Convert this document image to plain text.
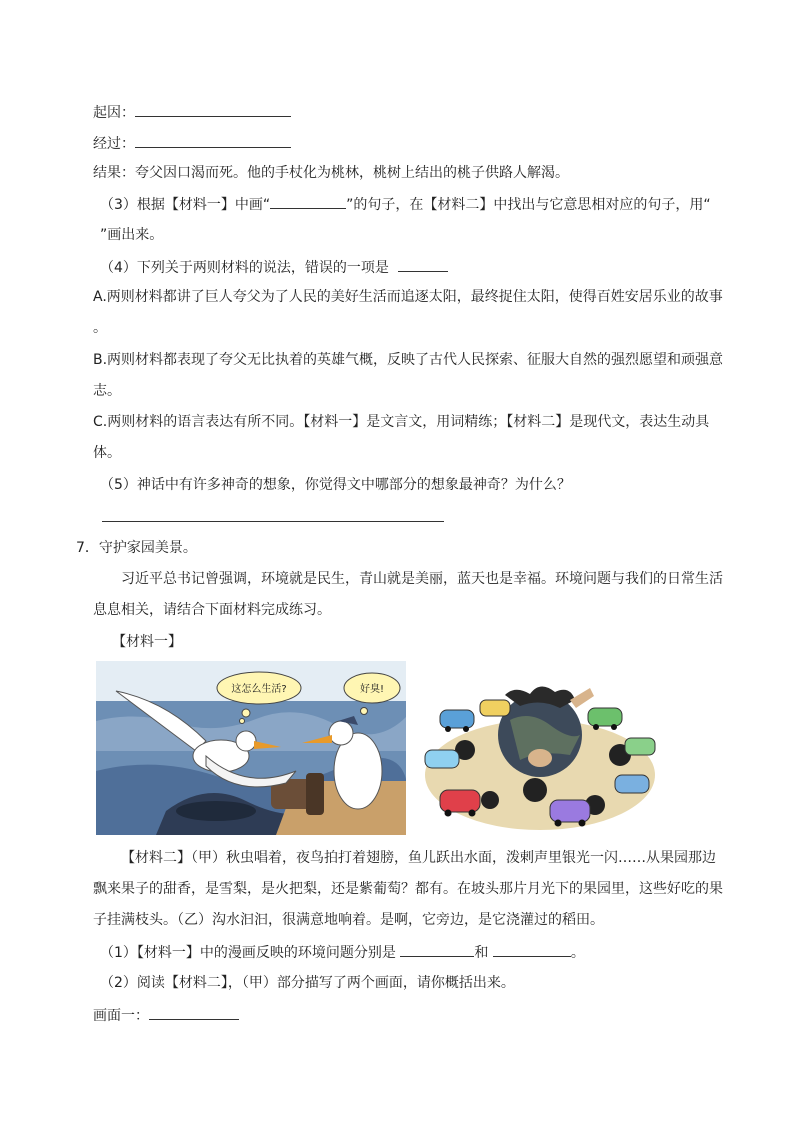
起因：
经过：
结果：夸父因口渴而死。他的手杖化为桃林，桃树上结出的桃子供路人解渴。
（3）根据【材料一】中画“	”的句子，在【材料二】中找出与它意思相对应的句子，用“
”画出来。
（4）下列关于两则材料的说法，错误的一项是
A.两则材料都讲了巨人夸父为了人民的美好生活而追逐太阳，最终捉住太阳，使得百姓安居乐业的故事
。
B.两则材料都表现了夸父无比执着的英雄气概，反映了古代人民探索、征服大自然的强烈愿望和顽强意
志。
C.两则材料的语言表达有所不同。【材料一】是文言文，用词精练；【材料二】是现代文，表达生动具
体。
（5）神话中有许多神奇的想象，你觉得文中哪部分的想象最神奇？为什么？
7．守护家园美景。
习近平总书记曾强调，环境就是民生，青山就是美丽，蓝天也是幸福。环境问题与我们的日常生活
息息相关，请结合下面材料完成练习。
【材料一】
这怎么生活?	好臭!
【材料二】（甲）秋虫唱着，夜鸟拍打着翅膀，鱼儿跃出水面，泼剌声里银光一闪……从果园那边
飘来果子的甜香，是雪梨，是火把梨，还是紫葡萄？都有。在坡头那片月光下的果园里，这些好吃的果
子挂满枝头。（乙）沟水汩汩，很满意地响着。是啊，它旁边，是它浇灌过的稻田。
（1）【材料一】中的漫画反映的环境问题分别是	和	。
（2）阅读【材料二】，（甲）部分描写了两个画面，请你概括出来。
画面一：
